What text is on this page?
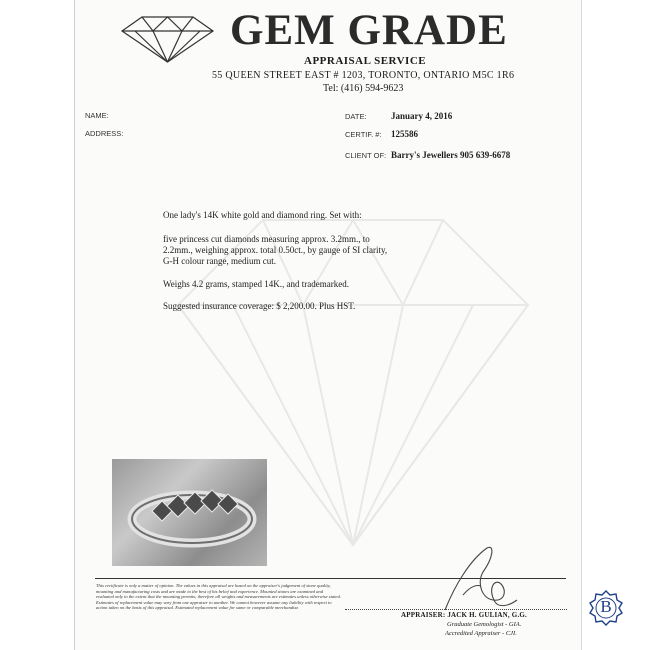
GEM GRADE
APPRAISAL SERVICE
55 QUEEN STREET EAST # 1203, TORONTO, ONTARIO M5C 1R6
Tel: (416) 594-9623
NAME:
ADDRESS:
DATE:	January 4, 2016
CERTIF. #: 125586
CLIENT OF: Barry's Jewellers 905 639-6678
One lady's 14K white gold and diamond ring. Set with:
five princess cut diamonds measuring approx. 3.2mm., to
2.2mm., weighing approx. total 0.50ct., by gauge of SI clarity,
G-H colour range, medium cut.
Weighs 4.2 grams, stamped 14K., and trademarked.
Suggested insurance coverage: $ 2,200.00. Plus HST.
This certificate is only a matter of opinion. The values in this appraisal are based on the appraiser's judgement of stone quality, mounting and manufacturing costs and are made to the best of his belief and experience. Mounted stones are examined and evaluated only to the extent that the mounting permits; therefore all weights and measurements are estimates unless otherwise stated. Estimates of replacement value may vary from one appraiser to another. We cannot however assume any liability with respect to action taken on the basis of this appraisal. Estimated replacement value for same or comparable merchandise.
APPRAISER: JACK H. GULIAN, G.G.
Graduate Gemologist - GIA.
Accredited Appraiser - CJI.
B
